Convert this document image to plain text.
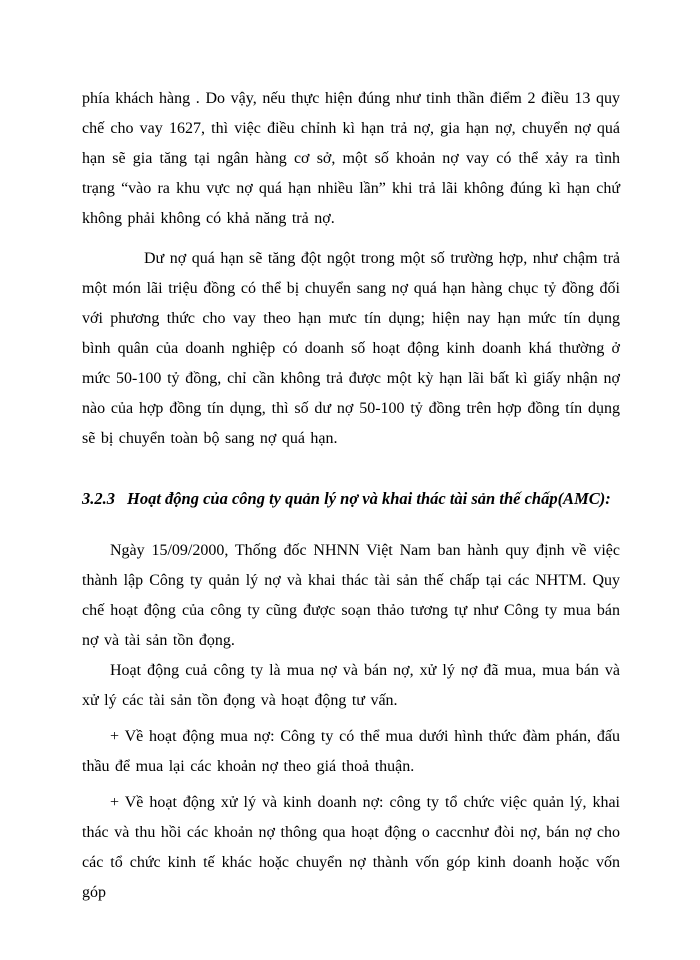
phía khách hàng . Do vậy, nếu thực hiện đúng như tinh thần điểm 2 điều 13 quy chế cho vay 1627, thì việc điều chỉnh kì hạn trả nợ, gia hạn nợ, chuyển nợ quá hạn sẽ gia tăng tại ngân hàng cơ sở, một số khoản nợ vay có thể xảy ra tình trạng “vào ra khu vực nợ quá hạn nhiều lần” khi trả lãi không đúng kì hạn chứ không phải không có khả năng trả nợ.

Dư nợ quá hạn sẽ tăng đột ngột trong một số trường hợp, như chậm trả một món lãi triệu đồng có thể bị chuyển sang nợ quá hạn hàng chục tỷ đồng đối với phương thức cho vay theo hạn mưc tín dụng; hiện nay hạn mức tín dụng bình quân của doanh nghiệp có doanh số hoạt động kinh doanh khá thường ở mức 50-100 tỷ đồng, chỉ cần không trả được một kỳ hạn lãi bất kì giấy nhận nợ nào của hợp đồng tín dụng, thì số dư nợ 50-100 tỷ đồng trên hợp đồng tín dụng sẽ bị chuyển toàn bộ sang nợ quá hạn.

3.2.3 Hoạt động của công ty quản lý nợ và khai thác tài sản thế chấp(AMC):

Ngày 15/09/2000, Thống đốc NHNN Việt Nam ban hành quy định về việc thành lập Công ty quản lý nợ và khai thác tài sản thế chấp tại các NHTM. Quy chế hoạt động của công ty cũng được soạn thảo tương tự như Công ty mua bán nợ và tài sản tồn đọng.

Hoạt động cuả công ty là mua nợ và bán nợ, xử lý nợ đã mua, mua bán và xử lý các tài sản tồn đọng và hoạt động tư vấn.

+ Về hoạt động mua nợ: Công ty có thể mua dưới hình thức đàm phán, đấu thầu để mua lại các khoản nợ theo giá thoả thuận.

+ Về hoạt động xử lý và kinh doanh nợ: công ty tổ chức việc quản lý, khai thác và thu hồi các khoản nợ thông qua hoạt động o caccnhư đòi nợ, bán nợ cho các tổ chức kinh tế khác hoặc chuyển nợ thành vốn góp kinh doanh hoặc vốn góp
